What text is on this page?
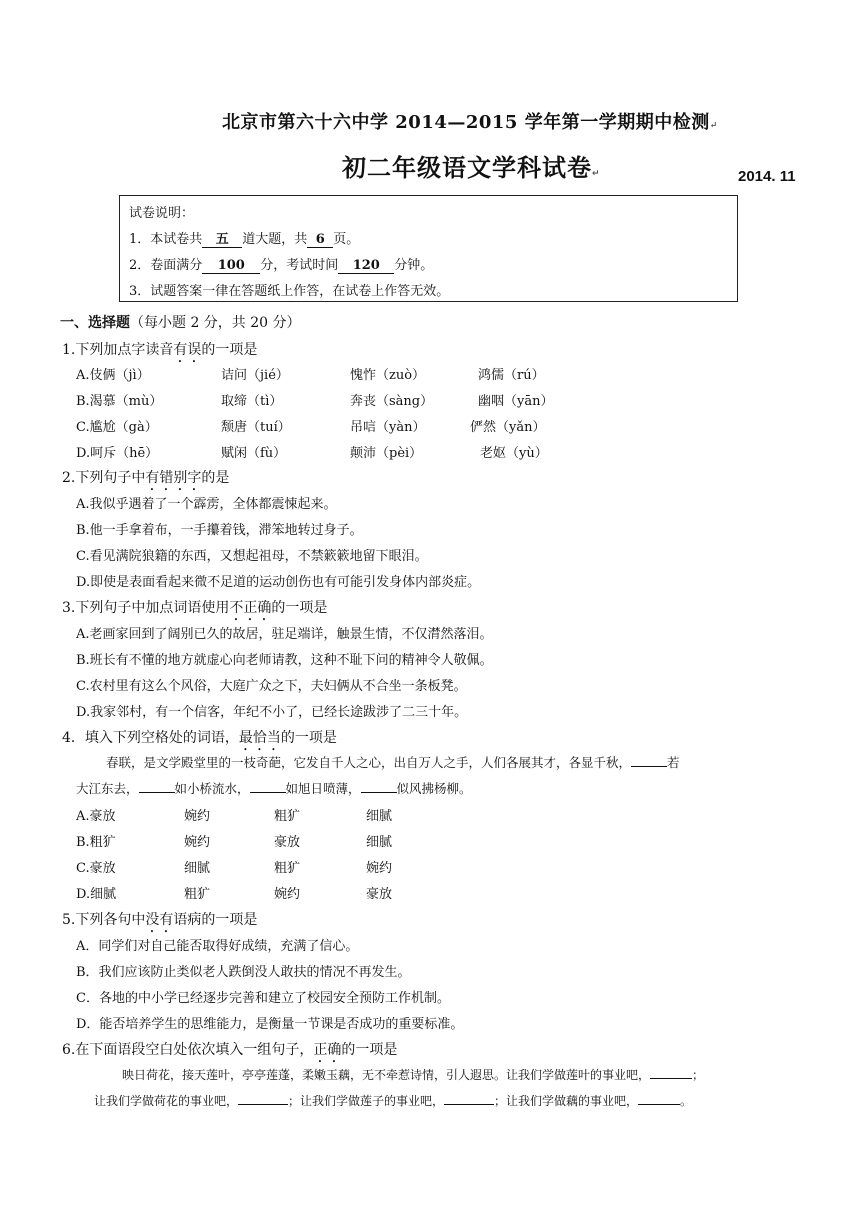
北京市第六十六中学 2014—2015 学年第一学期期中检测↵
初二年级语文学科试卷↵	2014. 11
试卷说明：
1．本试卷共 五 道大题，共 6 页。
2．卷面满分 100 分，考试时间 120 分钟。
3．试题答案一律在答题纸上作答，在试卷上作答无效。
一、选择题（每小题 2 分，共 20 分）
1.下列加点字读音有误的一项是
A.伎俩（jì）	诘问（jié）	愧怍（zuò）	鸿儒（rú）
B.渴慕（mù）	取缔（tì）	奔丧（sàng）	幽咽（yān）
C.尴尬（gà）	颓唐（tuí）	吊唁（yàn）	俨然（yǎn）
D.呵斥（hē）	赋闲（fù）	颠沛（pèi）	老妪（yù）
2.下列句子中有错别字的是
A.我似乎遇着了一个霹雳，全体都震悚起来。
B.他一手拿着布，一手攥着钱，滞笨地转过身子。
C.看见满院狼籍的东西，又想起祖母，不禁簌簌地留下眼泪。
D.即使是表面看起来微不足道的运动创伤也有可能引发身体内部炎症。
3.下列句子中加点词语使用不正确的一项是
A.老画家回到了阔别已久的故居，驻足端详，触景生情，不仅潸然落泪。
B.班长有不懂的地方就虚心向老师请教，这种不耻下问的精神令人敬佩。
C.农村里有这么个风俗，大庭广众之下，夫妇俩从不合坐一条板凳。
D.我家邻村，有一个信客，年纪不小了，已经长途跋涉了二三十年。
4．填入下列空格处的词语，最恰当的一项是
春联，是文学殿堂里的一枝奇葩，它发自千人之心，出自万人之手，人们各展其才，各显千秋，	若
大江东去，	如小桥流水，	如旭日喷薄，	似风拂杨柳。
A.豪放	婉约	粗犷	细腻
B.粗犷	婉约	豪放	细腻
C.豪放	细腻	粗犷	婉约
D.细腻	粗犷	婉约	豪放
5.下列各句中没有语病的一项是
A．同学们对自己能否取得好成绩，充满了信心。
B．我们应该防止类似老人跌倒没人敢扶的情况不再发生。
C．各地的中小学已经逐步完善和建立了校园安全预防工作机制。
D．能否培养学生的思维能力，是衡量一节课是否成功的重要标准。
6.在下面语段空白处依次填入一组句子，正确的一项是
映日荷花，接天莲叶，亭亭莲蓬，柔嫩玉藕，无不牵惹诗情，引人遐思。让我们学做莲叶的事业吧，	；
让我们学做荷花的事业吧，	；让我们学做莲子的事业吧，	；让我们学做藕的事业吧，	。
